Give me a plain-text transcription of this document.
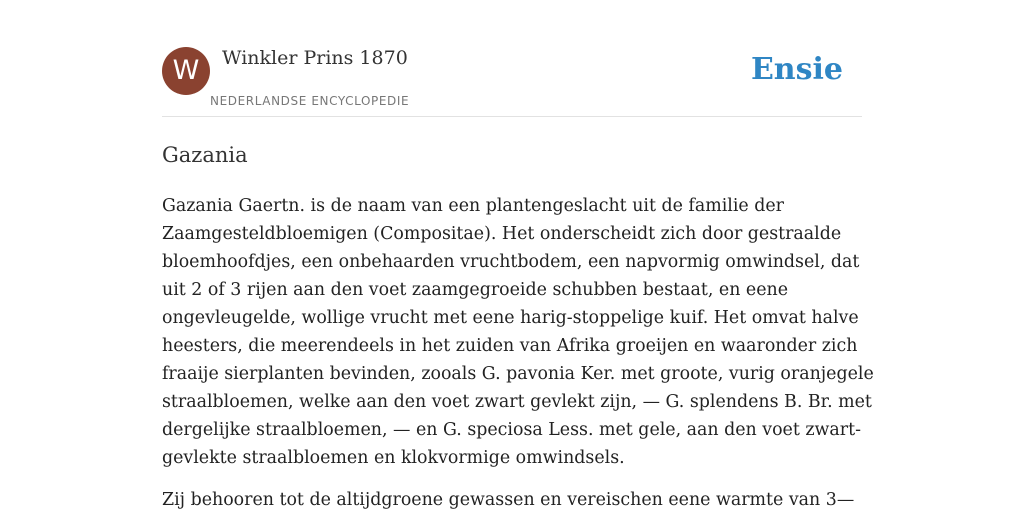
W	Winkler Prins 1870
NEDERLANDSE ENCYCLOPEDIE
Ensie
Gazania

Gazania Gaertn. is de naam van een plantengeslacht uit de familie der
Zaamgesteldbloemigen (Compositae). Het onderscheidt zich door gestraalde
bloemhoofdjes, een onbehaarden vruchtbodem, een napvormig omwindsel, dat
uit 2 of 3 rijen aan den voet zaamgegroeide schubben bestaat, en eene
ongevleugelde, wollige vrucht met eene harig-stoppelige kuif. Het omvat halve
heesters, die meerendeels in het zuiden van Afrika groeijen en waaronder zich
fraaije sierplanten bevinden, zooals G. pavonia Ker. met groote, vurig oranjegele
straalbloemen, welke aan den voet zwart gevlekt zijn, — G. splendens B. Br. met
dergelijke straalbloemen, — en G. speciosa Less. met gele, aan den voet zwart-
gevlekte straalbloemen en klokvormige omwindsels.

Zij behooren tot de altijdgroene gewassen en vereischen eene warmte van 3—
